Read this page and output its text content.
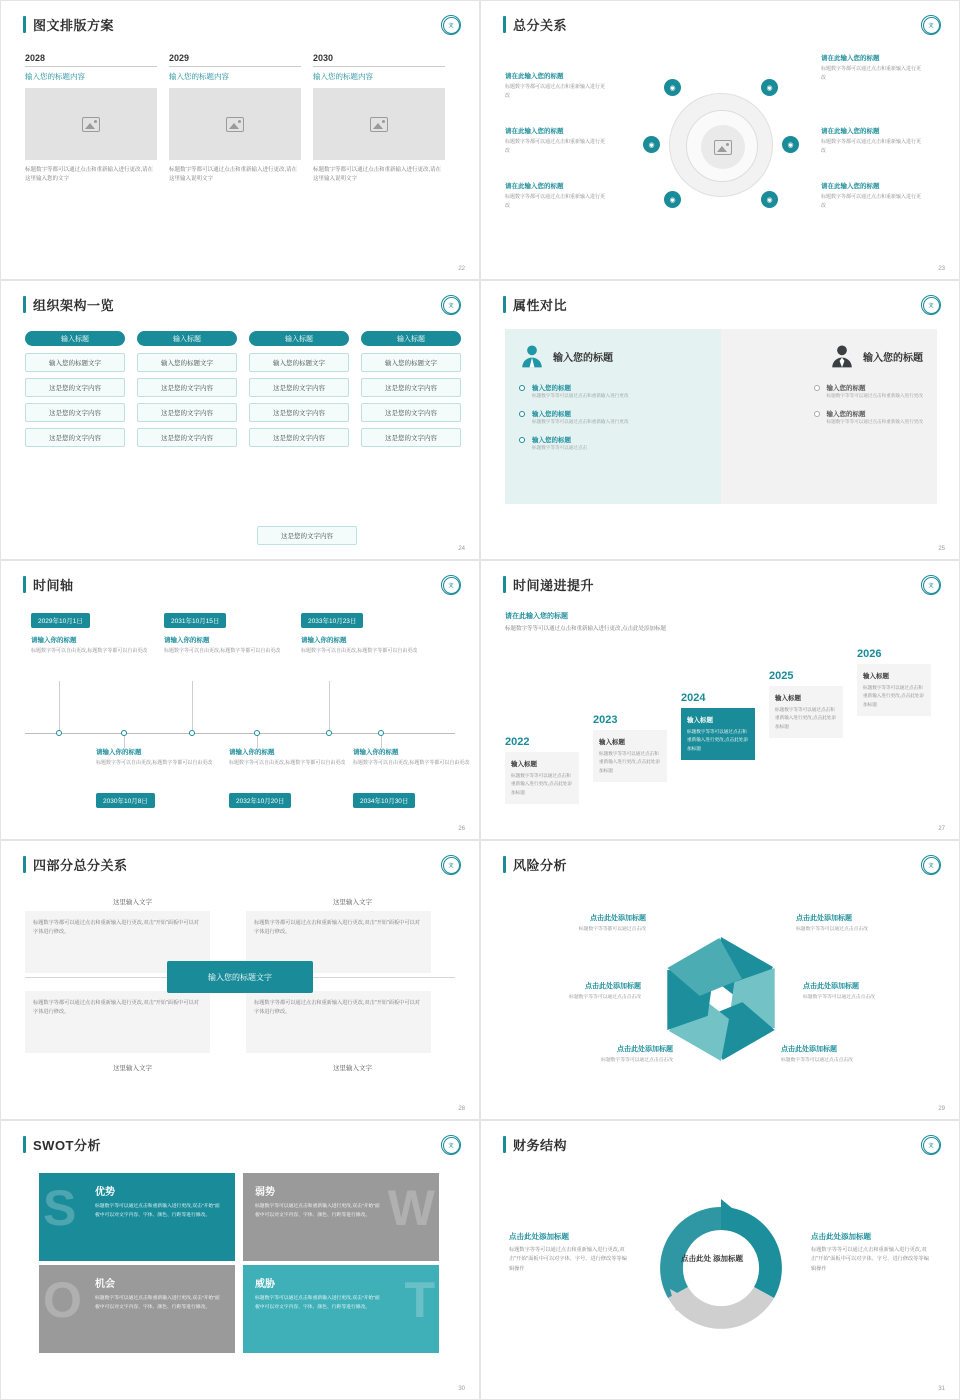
图文排版方案	文
2028
输入您的标题内容
标题数字等都可以通过点击和重新输入进行更改,请在这里输入您的文字
2029
输入您的标题内容
标题数字等都可以通过点击和重新输入进行更改,请在这里输入说明文字
2030
输入您的标题内容
标题数字等都可以通过点击和重新输入进行更改,请在这里输入说明文字
22
总分关系	文
◉	◉
◉	◉
◉	◉
请在此输入您的标题
标题数字等都可以通过点击和重新输入进行更改
请在此输入您的标题
标题数字等都可以通过点击和重新输入进行更改
请在此输入您的标题
标题数字等都可以通过点击和重新输入进行更改
请在此输入您的标题
标题数字等都可以通过点击和重新输入进行更改
请在此输入您的标题
标题数字等都可以通过点击和重新输入进行更改
请在此输入您的标题
标题数字等都可以通过点击和重新输入进行更改
23
组织架构一览	文
输入标题
输入您的标题文字
这是您的文字内容
这是您的文字内容
这是您的文字内容
输入标题
输入您的标题文字
这是您的文字内容
这是您的文字内容
这是您的文字内容
输入标题
输入您的标题文字
这是您的文字内容
这是您的文字内容
这是您的文字内容
输入标题
输入您的标题文字
这是您的文字内容
这是您的文字内容
这是您的文字内容
这是您的文字内容
24
属性对比	文
输入您的标题
输入您的标题
标题数字等等可以通过点击和重新输入进行更改
输入您的标题
标题数字等等可以通过点击和重新输入进行更改
输入您的标题
标题数字等等可以通过点击
输入您的标题
输入您的标题
标题数字等等可以通过点击和重新输入进行更改
输入您的标题
标题数字等等可以通过点击和重新输入进行更改
25
时间轴	文
2029年10月1日
请输入你的标题
标题数字等可以自由更改,标题数字等都可以自由更改
2031年10月15日
请输入你的标题
标题数字等可以自由更改,标题数字等都可以自由更改
2033年10月23日
请输入你的标题
标题数字等可以自由更改,标题数字等都可以自由更改
请输入你的标题
标题数字等可以自由更改,标题数字等都可以自由更改
2030年10月8日
请输入你的标题
标题数字等可以自由更改,标题数字等都可以自由更改
2032年10月20日
请输入你的标题
标题数字等可以自由更改,标题数字等都可以自由更改
2034年10月30日
26
时间递进提升	文
请在此输入您的标题
标题数字等等可以通过点击和重新输入进行更改,点击此处添加标题
2022
输入标题
标题数字等等可以通过点击和重新输入进行更改,点击此处添加标题
2023
输入标题
标题数字等等可以通过点击和重新输入进行更改,点击此处添加标题
2024
输入标题
标题数字等等可以通过点击和重新输入进行更改,点击此处添加标题
2025
输入标题
标题数字等等可以通过点击和重新输入进行更改,点击此处添加标题
2026
输入标题
标题数字等等可以通过点击和重新输入进行更改,点击此处添加标题
27
四部分总分关系	文
这里输入文字	这里输入文字
标题数字等都可以通过点击和重新输入进行更改,双击"开始"面板中可以对字体进行修改。
标题数字等都可以通过点击和重新输入进行更改,双击"开始"面板中可以对字体进行修改。
标题数字等都可以通过点击和重新输入进行更改,双击"开始"面板中可以对字体进行修改。
标题数字等都可以通过点击和重新输入进行更改,双击"开始"面板中可以对字体进行修改。
这里输入文字	这里输入文字
输入您的标题文字
28
风险分析	文
点击此处添加标题
标题数字等等都可以通过点击改
点击此处添加标题
标题数字等等可以通过点击点击改
点击此处添加标题
标题数字等等可以通过点击点击改
点击此处添加标题
标题数字等等可以通过点击点击改
点击此处添加标题
标题数字等等可以通过点击点击改
点击此处添加标题
标题数字等等可以通过点击点击改
29
SWOT分析	文
S 优势
标题数字等可以通过点击和重新输入进行更改,双击"开始"面板中可以对文字内容、字体、颜色、行距等进行修改。	W
弱势
标题数字等可以通过点击和重新输入进行更改,双击"开始"面板中可以对文字内容、字体、颜色、行距等进行修改。
O 机会
标题数字等可以通过点击和重新输入进行更改,双击"开始"面板中可以对文字内容、字体、颜色、行距等进行修改。	T
威胁
标题数字等可以通过点击和重新输入进行更改,双击"开始"面板中可以对文字内容、字体、颜色、行距等进行修改。
30
财务结构	文
点击此处 添加标题
点击此处添加标题
标题数字等等可以通过点击和重新输入进行更改,双击"开始"面板中可以对字体、字号、进行修改等等编辑操作
点击此处添加标题
标题数字等等可以通过点击和重新输入进行更改,双击"开始"面板中可以对字体、字号、进行修改等等编辑操作
31
